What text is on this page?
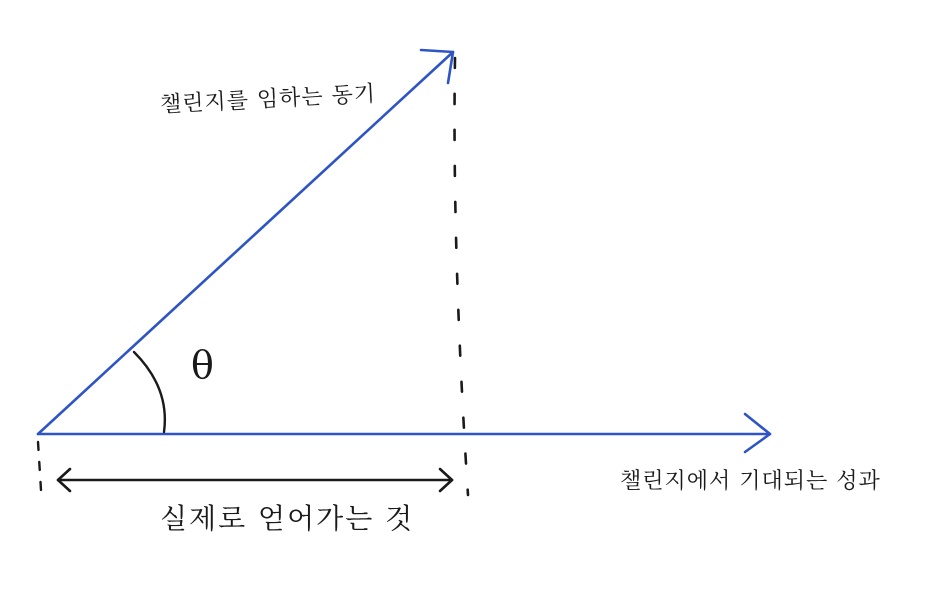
챌린지를 임하는 동기
θ
챌린지에서 기대되는 성과
실제로 얻어가는 것
